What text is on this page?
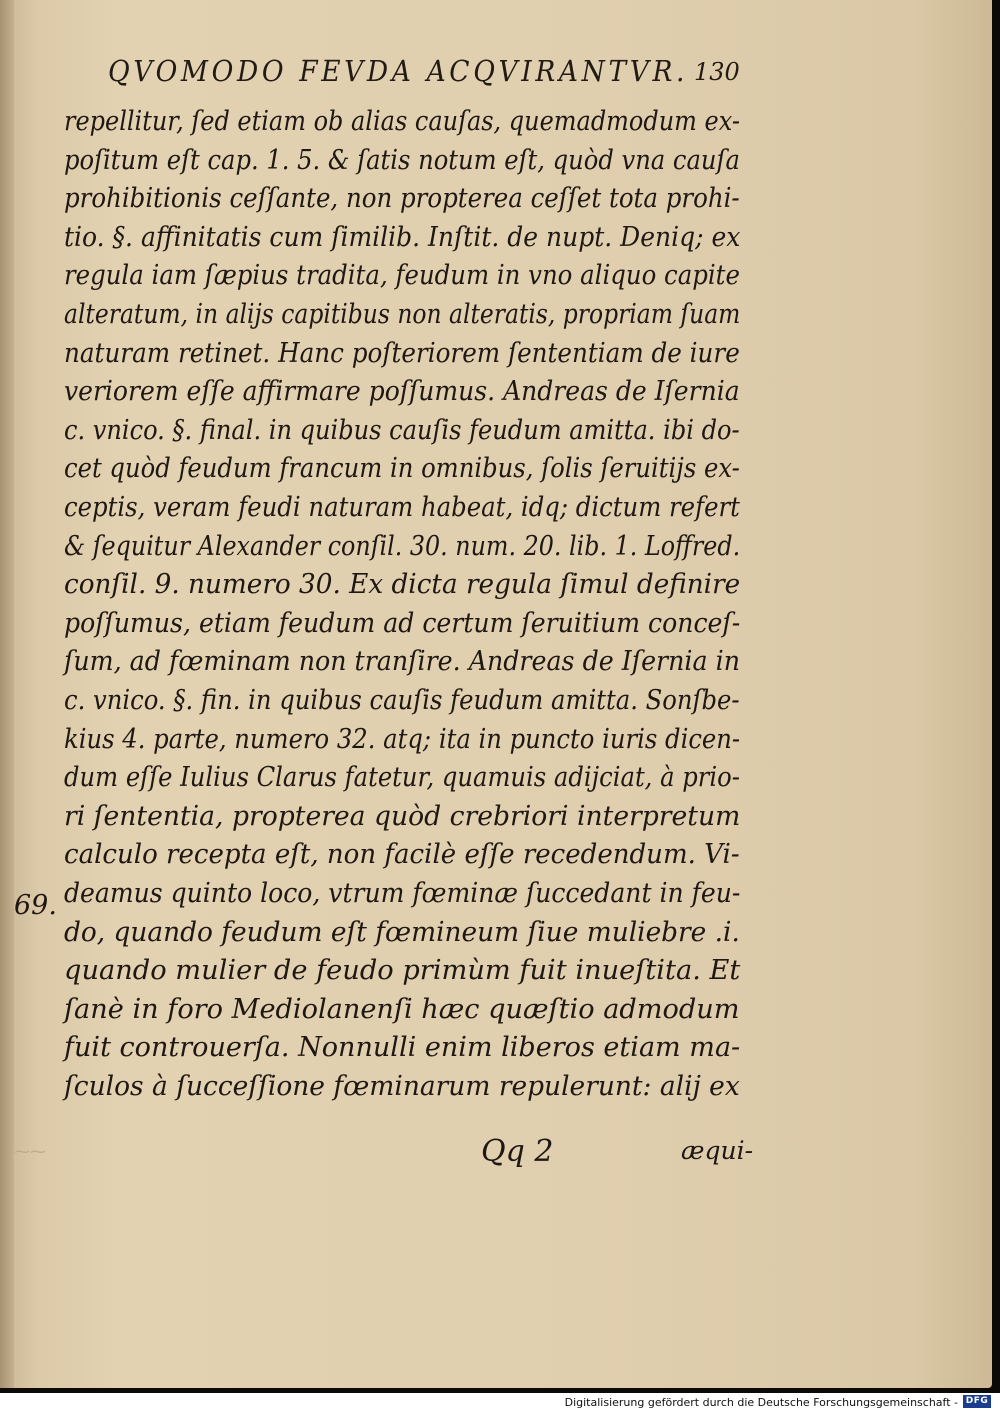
QVOMODO FEVDA ACQVIRANTVR. 130
repellitur, ſed etiam ob alias cauſas, quemadmodum ex-
poſitum eſt cap. 1. 5. & ſatis notum eſt, quòd vna cauſa
prohibitionis ceſſante, non propterea ceſſet tota prohi-
tio. §. affinitatis cum ſimilib. Inſtit. de nupt. Deniq; ex
regula iam ſæpius tradita, feudum in vno aliquo capite
alteratum, in alijs capitibus non alteratis, propriam ſuam
naturam retinet. Hanc poſteriorem ſententiam de iure
veriorem eſſe affirmare poſſumus. Andreas de Iſernia
c. vnico. §. final. in quibus cauſis feudum amitta. ibi do-
cet quòd feudum francum in omnibus, ſolis ſeruitijs ex-
ceptis, veram feudi naturam habeat, idq; dictum refert
& ſequitur Alexander conſil. 30. num. 20. lib. 1. Loffred.
conſil. 9. numero 30. Ex dicta regula ſimul definire
poſſumus, etiam feudum ad certum ſeruitium conceſ-
ſum, ad fœminam non tranſire. Andreas de Iſernia in
c. vnico. §. fin. in quibus cauſis feudum amitta. Sonſbe-
kius 4. parte, numero 32. atq; ita in puncto iuris dicen-
dum eſſe Iulius Clarus fatetur, quamuis adijciat, à prio-
ri ſententia, propterea quòd crebriori interpretum
calculo recepta eſt, non facilè eſſe recedendum. Vi-
deamus quinto loco, vtrum fœminæ ſuccedant in feu-
do, quando feudum eſt fœmineum ſiue muliebre .i.
quando mulier de feudo primùm fuit inueſtita. Et
ſanè in foro Mediolanenſi hæc quæſtio admodum
fuit controuerſa. Nonnulli enim liberos etiam ma-
ſculos à ſucceſſione fœminarum repulerunt: alij ex
69.
Qq 2	æqui-
⁓⁓
Digitalisierung gefördert durch die Deutsche Forschungsgemeinschaft - DFG
